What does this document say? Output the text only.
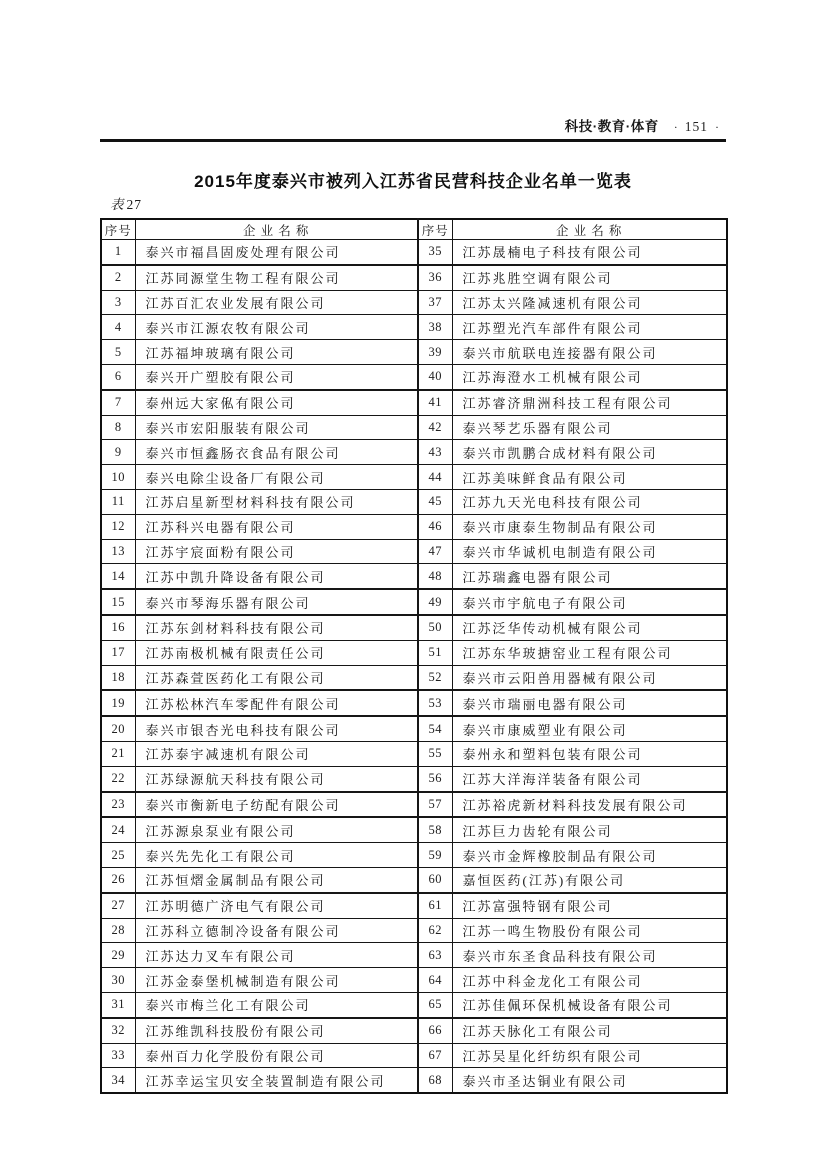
科技·教育·体育 · 151 ·
2015年度泰兴市被列入江苏省民营科技企业名单一览表
表 27
序号	企 业 名 称	序号	企 业 名 称
1	泰兴市福昌固废处理有限公司	35	江苏晟楠电子科技有限公司
2	江苏同源堂生物工程有限公司	36	江苏兆胜空调有限公司
3	江苏百汇农业发展有限公司	37	江苏太兴隆减速机有限公司
4	泰兴市江源农牧有限公司	38	江苏塑光汽车部件有限公司
5	江苏福坤玻璃有限公司	39	泰兴市航联电连接器有限公司
6	泰兴开广塑胶有限公司	40	江苏海澄水工机械有限公司
7	泰州远大家俬有限公司	41	江苏睿济鼎洲科技工程有限公司
8	泰兴市宏阳服装有限公司	42	泰兴琴艺乐器有限公司
9	泰兴市恒鑫肠衣食品有限公司	43	泰兴市凯鹏合成材料有限公司
10	泰兴电除尘设备厂有限公司	44	江苏美味鲜食品有限公司
11	江苏启星新型材料科技有限公司	45	江苏九天光电科技有限公司
12	江苏科兴电器有限公司	46	泰兴市康泰生物制品有限公司
13	江苏宇宸面粉有限公司	47	泰兴市华诚机电制造有限公司
14	江苏中凯升降设备有限公司	48	江苏瑞鑫电器有限公司
15	泰兴市琴海乐器有限公司	49	泰兴市宇航电子有限公司
16	江苏东剑材料科技有限公司	50	江苏泛华传动机械有限公司
17	江苏南极机械有限责任公司	51	江苏东华玻搪窑业工程有限公司
18	江苏森萱医药化工有限公司	52	泰兴市云阳兽用器械有限公司
19	江苏松林汽车零配件有限公司	53	泰兴市瑞丽电器有限公司
20	泰兴市银杏光电科技有限公司	54	泰兴市康威塑业有限公司
21	江苏泰宇减速机有限公司	55	泰州永和塑料包装有限公司
22	江苏绿源航天科技有限公司	56	江苏大洋海洋装备有限公司
23	泰兴市衡新电子纺配有限公司	57	江苏裕虎新材料科技发展有限公司
24	江苏源泉泵业有限公司	58	江苏巨力齿轮有限公司
25	泰兴先先化工有限公司	59	泰兴市金辉橡胶制品有限公司
26	江苏恒熠金属制品有限公司	60	嘉恒医药(江苏)有限公司
27	江苏明德广济电气有限公司	61	江苏富强特钢有限公司
28	江苏科立德制冷设备有限公司	62	江苏一鸣生物股份有限公司
29	江苏达力叉车有限公司	63	泰兴市东圣食品科技有限公司
30	江苏金泰堡机械制造有限公司	64	江苏中科金龙化工有限公司
31	泰兴市梅兰化工有限公司	65	江苏佳佩环保机械设备有限公司
32	江苏维凯科技股份有限公司	66	江苏天脉化工有限公司
33	泰州百力化学股份有限公司	67	江苏吴星化纤纺织有限公司
34	江苏幸运宝贝安全装置制造有限公司	68	泰兴市圣达铜业有限公司
